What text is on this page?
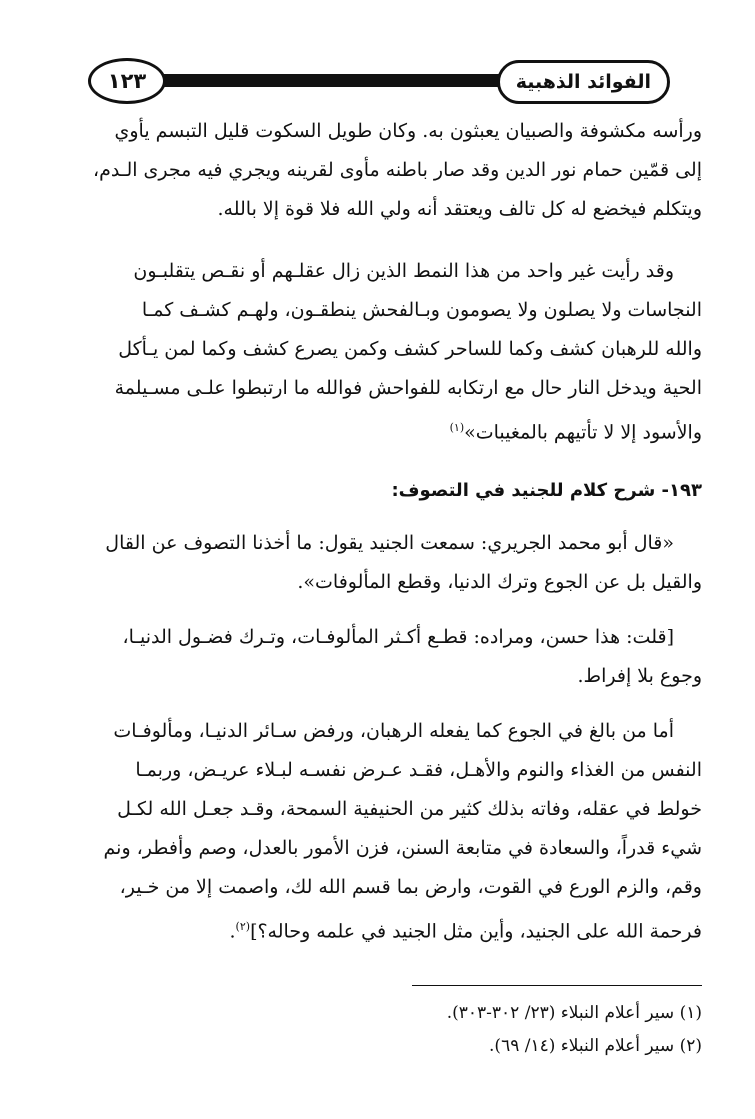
الفوائد الذهبية
١٢٣

ورأسه مكشوفة والصبيان يعبثون به. وكان طويل السكوت قليل التبسم يأوي

إلى قمّين حمام نور الدين وقد صار باطنه مأوى لقرينه ويجري فيه مجرى الـدم،

ويتكلم فيخضع له كل تالف ويعتقد أنه ولي الله فلا قوة إلا بالله.

وقد رأيت غير واحد من هذا النمط الذين زال عقلـهم أو نقـص يتقلبـون

النجاسات ولا يصلون ولا يصومون وبـالفحش ينطقـون، ولهـم كشـف كمـا

والله للرهبان كشف وكما للساحر كشف وكمن يصرع كشف وكما لمن يـأكل

الحية ويدخل النار حال مع ارتكابه للفواحش فوالله ما ارتبطوا علـى مسـيلمة

والأسود إلا لا تأتيهم بالمغيبات»$^{(١)}$

١٩٣- شرح كلام للجنيد في التصوف:

«قال أبو محمد الجريري: سمعت الجنيد يقول: ما أخذنا التصوف عن القال

والقيل بل عن الجوع وترك الدنيا، وقطع المألوفات».

[قلت: هذا حسن، ومراده: قطـع أكـثر المألوفـات، وتـرك فضـول الدنيـا،

وجوع بلا إفراط.

أما من بالغ في الجوع كما يفعله الرهبان، ورفض سـائر الدنيـا، ومألوفـات

النفس من الغذاء والنوم والأهـل، فقـد عـرض نفسـه لبـلاء عريـض، وربمـا

خولط في عقله، وفاته بذلك كثير من الحنيفية السمحة، وقـد جعـل الله لكـل

شيء قدراً، والسعادة في متابعة السنن، فزن الأمور بالعدل، وصم وأفطر، ونم

وقم، والزم الورع في القوت، وارض بما قسم الله لك، واصمت إلا من خـير،

فرحمة الله على الجنيد، وأين مثل الجنيد في علمه وحاله؟]$^{(٢)}$.

(١) سير أعلام النبلاء (٢٣/ ٣٠٢-٣٠٣).

(٢) سير أعلام النبلاء (١٤/ ٦٩).
